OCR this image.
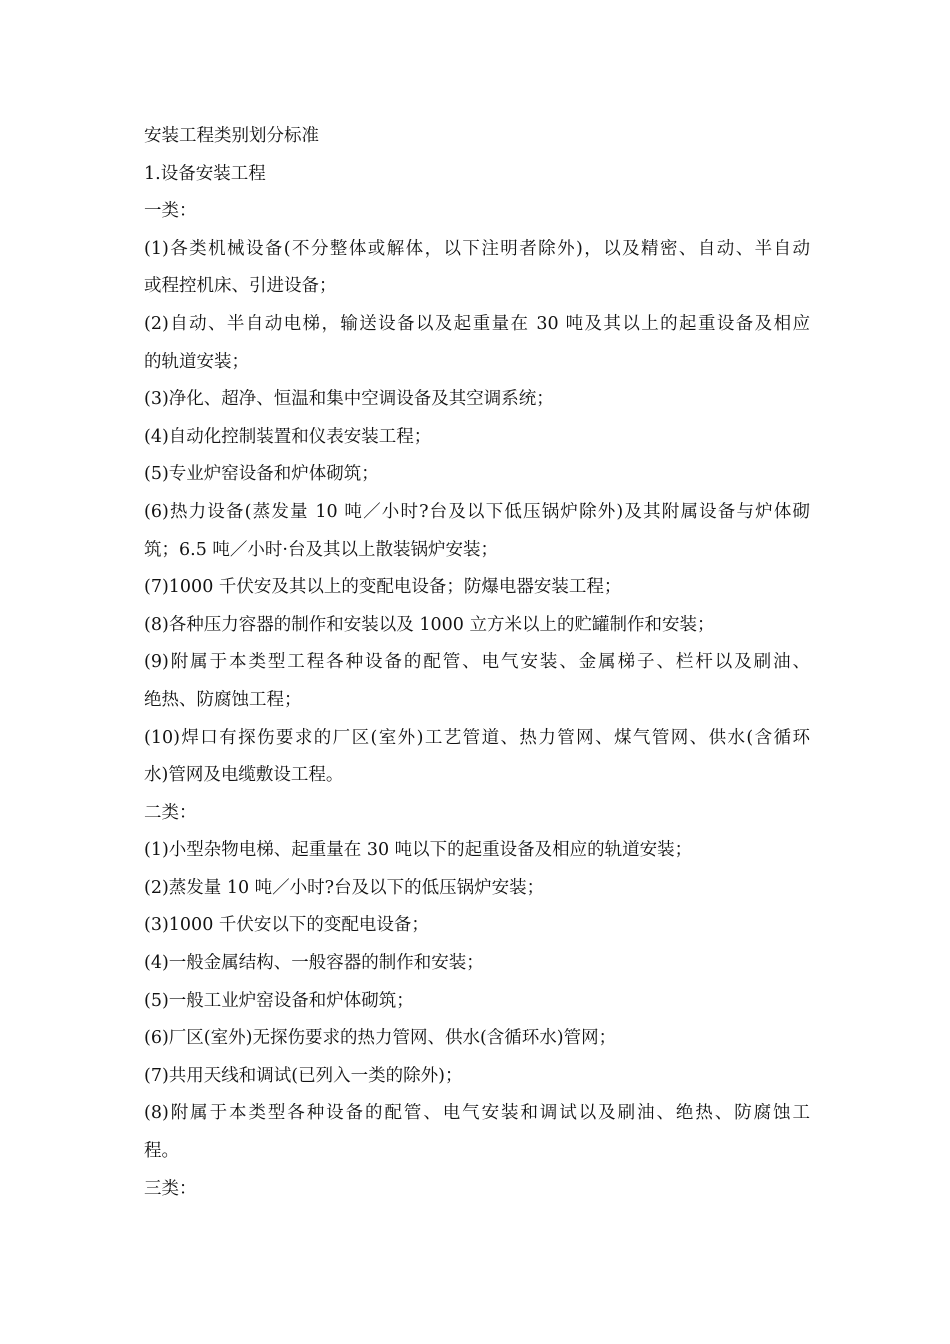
安装工程类别划分标准
1.设备安装工程
一类：
(1)各类机械设备(不分整体或解体，以下注明者除外)，以及精密、自动、半自动
或程控机床、引进设备；
(2)自动、半自动电梯，输送设备以及起重量在 30 吨及其以上的起重设备及相应
的轨道安装；
(3)净化、超净、恒温和集中空调设备及其空调系统；
(4)自动化控制装置和仪表安装工程；
(5)专业炉窑设备和炉体砌筑；
(6)热力设备(蒸发量 10 吨／小时?台及以下低压锅炉除外)及其附属设备与炉体砌
筑；6.5 吨／小时·台及其以上散装锅炉安装；
(7)1000 千伏安及其以上的变配电设备；防爆电器安装工程；
(8)各种压力容器的制作和安装以及 1000 立方米以上的贮罐制作和安装；
(9)附属于本类型工程各种设备的配管、电气安装、金属梯子、栏杆以及刷油、
绝热、防腐蚀工程；
(10)焊口有探伤要求的厂区(室外)工艺管道、热力管网、煤气管网、供水(含循环
水)管网及电缆敷设工程。
二类：
(1)小型杂物电梯、起重量在 30 吨以下的起重设备及相应的轨道安装；
(2)蒸发量 10 吨／小时?台及以下的低压锅炉安装；
(3)1000 千伏安以下的变配电设备；
(4)一般金属结构、一般容器的制作和安装；
(5)一般工业炉窑设备和炉体砌筑；
(6)厂区(室外)无探伤要求的热力管网、供水(含循环水)管网；
(7)共用天线和调试(已列入一类的除外)；
(8)附属于本类型各种设备的配管、电气安装和调试以及刷油、绝热、防腐蚀工
程。
三类：
